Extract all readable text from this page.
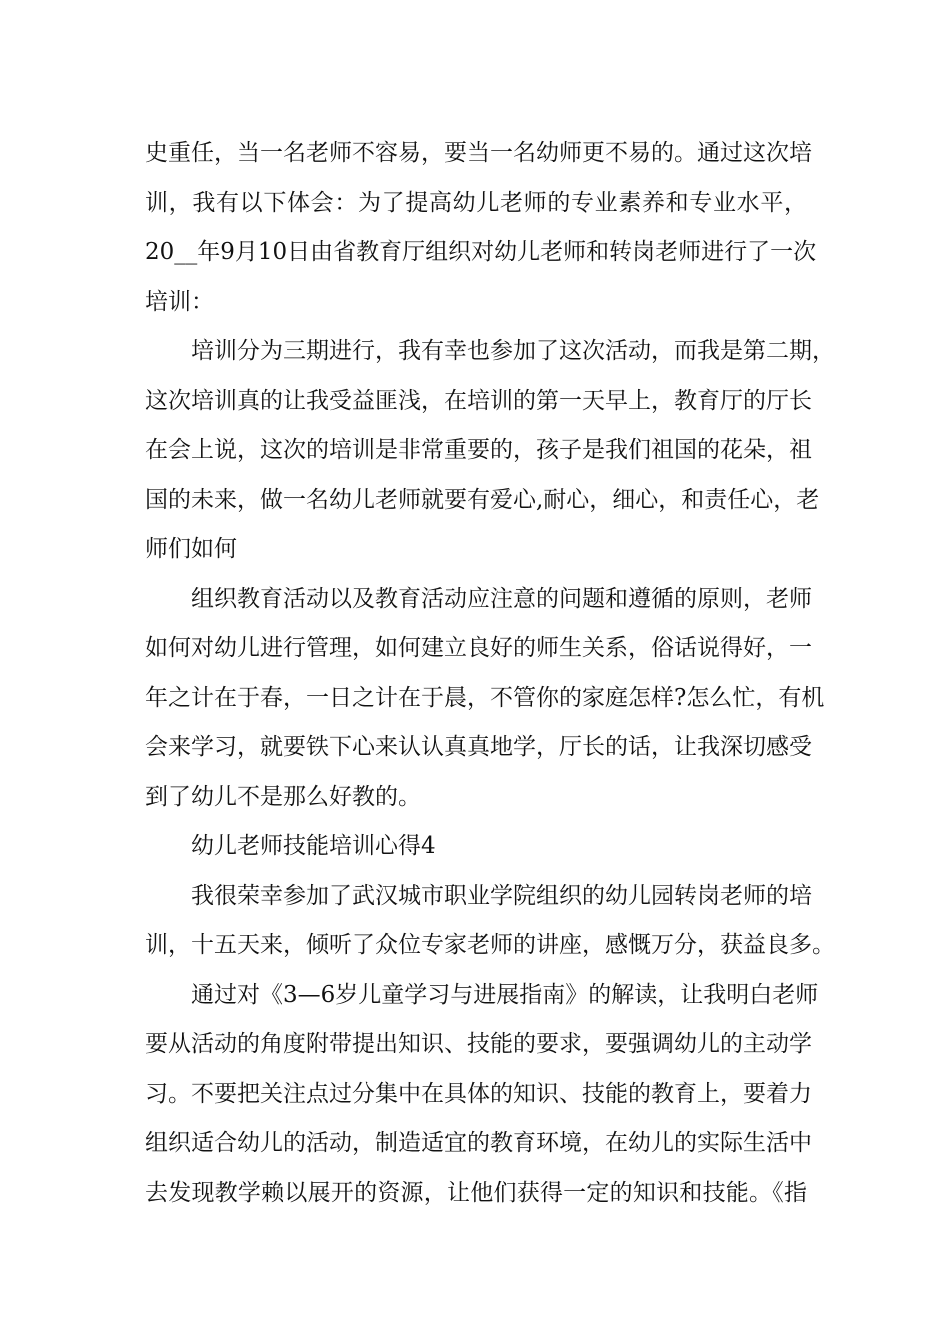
史重任，当一名老师不容易，要当一名幼师更不易的。通过这次培
训，我有以下体会：为了提高幼儿老师的专业素养和专业水平，
20__年9月10日由省教育厅组织对幼儿老师和转岗老师进行了一次
培训：
培训分为三期进行，我有幸也参加了这次活动，而我是第二期，
这次培训真的让我受益匪浅，在培训的第一天早上，教育厅的厅长
在会上说，这次的培训是非常重要的，孩子是我们祖国的花朵，祖
国的未来，做一名幼儿老师就要有爱心,耐心，细心，和责任心，老
师们如何
组织教育活动以及教育活动应注意的问题和遵循的原则，老师
如何对幼儿进行管理，如何建立良好的师生关系，俗话说得好，一
年之计在于春，一日之计在于晨，不管你的家庭怎样?怎么忙，有机
会来学习，就要铁下心来认认真真地学，厅长的话，让我深切感受
到了幼儿不是那么好教的。
幼儿老师技能培训心得4
我很荣幸参加了武汉城市职业学院组织的幼儿园转岗老师的培
训，十五天来，倾听了众位专家老师的讲座，感慨万分，获益良多。
通过对《3—6岁儿童学习与进展指南》的解读，让我明白老师
要从活动的角度附带提出知识、技能的要求，要强调幼儿的主动学
习。不要把关注点过分集中在具体的知识、技能的教育上，要着力
组织适合幼儿的活动，制造适宜的教育环境，在幼儿的实际生活中
去发现教学赖以展开的资源，让他们获得一定的知识和技能。《指
